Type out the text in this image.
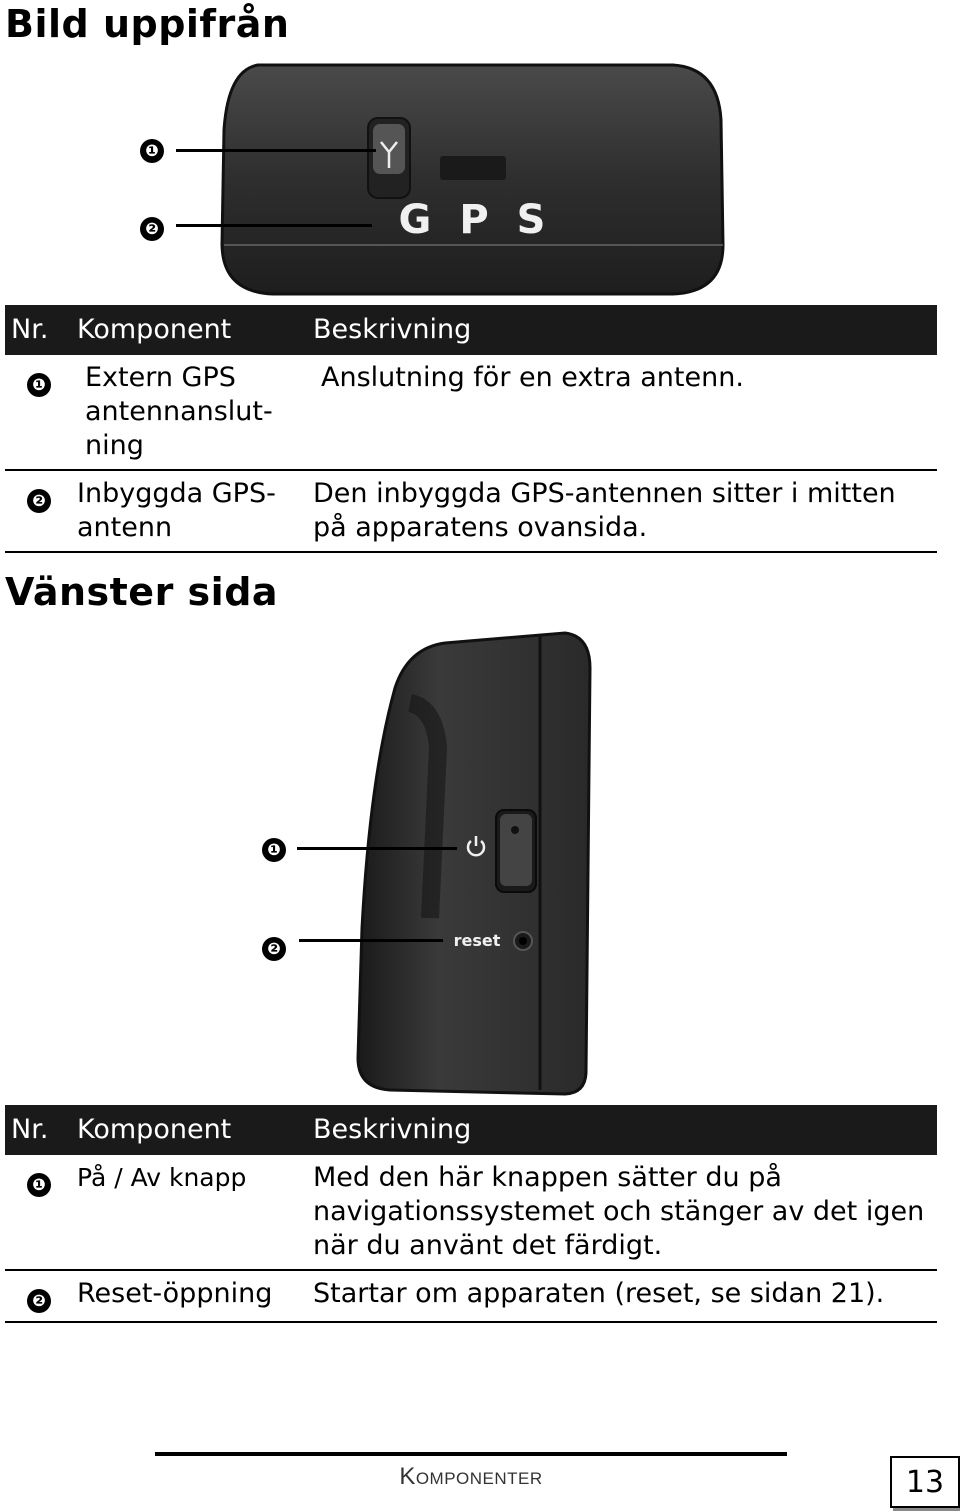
Bild uppifrån
GPS
❶
❷
Nr.	Komponent	Beskrivning
❶	Extern GPS antennanslut-ning	Anslutning för en extra antenn.
❷	Inbyggda GPS-antenn	Den inbyggda GPS-antennen sitter i mitten på apparatens ovansida.
Vänster sida
reset
❶
❷
Nr.	Komponent	Beskrivning
❶	På / Av knapp	Med den här knappen sätter du på navigationssystemet och stänger av det igen när du använt det färdigt.
❷	Reset-öppning	Startar om apparaten (reset, se sidan 21).
Komponenter	13
